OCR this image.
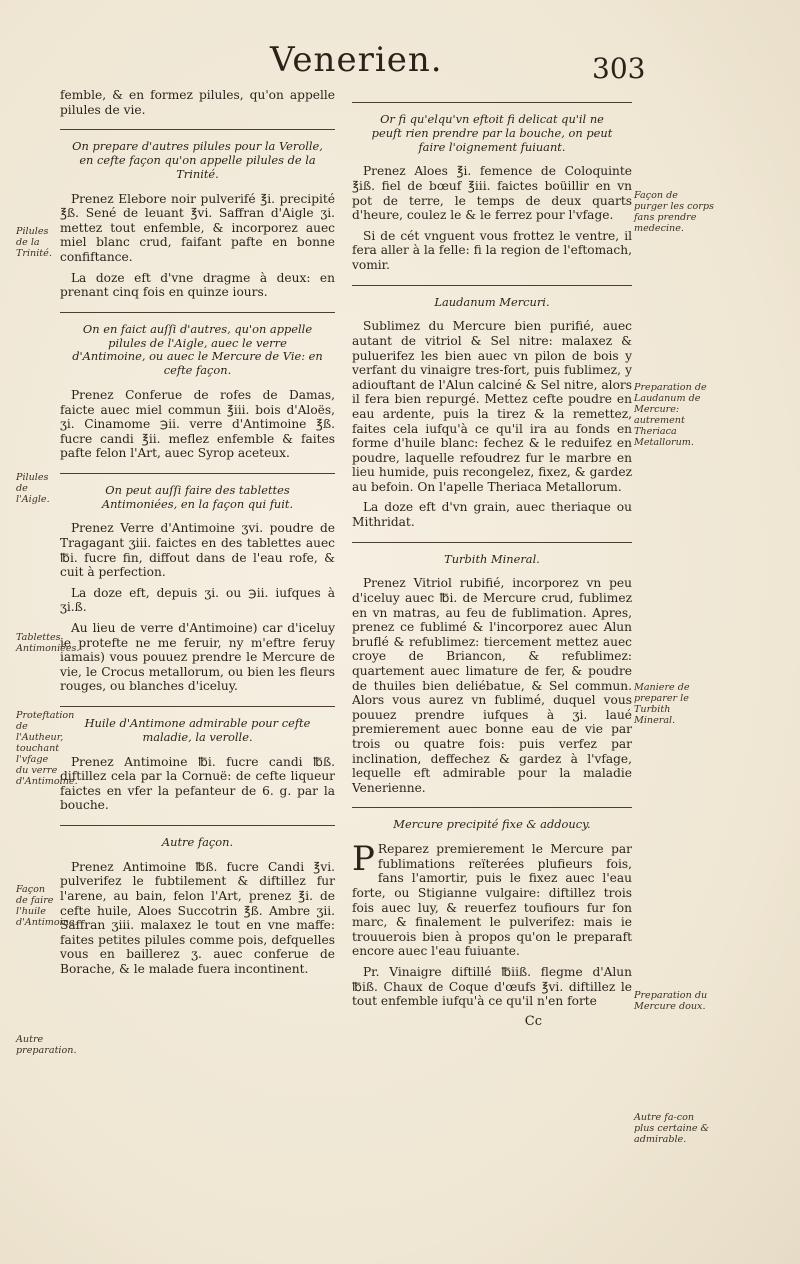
Venerien.	303

femble, & en formez pilules, qu'on appelle pilules de vie.

On prepare d'autres pilules pour la Verolle, en cefte façon qu'on appelle pilules de la Trinité.

Prenez Elebore noir pulverifé ℥i. precipité ℥ß. Sené de leuant ℥vi. Saffran d'Aigle ʒi. mettez tout enfemble, & incorporez auec miel blanc crud, faifant pafte en bonne confiftance.

La doze eft d'vne dragme à deux: en prenant cinq fois en quinze iours.

On en faict auſſi d'autres, qu'on appelle pilules de l'Aigle, auec le verre d'Antimoine, ou auec le Mercure de Vie: en cefte façon.

Prenez Conferue de rofes de Damas, faicte auec miel commun ℥iii. bois d'Aloës, ʒi. Cinamome ℈ii. verre d'Antimoine ℥ß. fucre candi ℥ii. meflez enfemble & faites pafte felon l'Art, auec Syrop aceteux.

On peut auſſi faire des tablettes Antimoniées, en la façon qui fuit.

Prenez Verre d'Antimoine ʒvi. poudre de Tragagant ʒiii. faictes en des tablettes auec ℔i. fucre fin, diffout dans de l'eau rofe, & cuit à perfection.

La doze eft, depuis ʒi. ou ℈ii. iufques à ʒi.ß.

Au lieu de verre d'Antimoine) car d'iceluy ie protefte ne me feruir, ny m'eftre feruy iamais) vous pouuez prendre le Mercure de vie, le Crocus metallorum, ou bien les fleurs rouges, ou blanches d'iceluy.

Huile d'Antimone admirable pour cefte maladie, la verolle.

Prenez Antimoine ℔i. fucre candi ℔ß. diftillez cela par la Cornuë: de cefte liqueur faictes en vfer la pefanteur de 6. g. par la bouche.

Autre façon.

Prenez Antimoine ℔ß. fucre Candi ℥vi. pulverifez le fubtilement & diftillez fur l'arene, au bain, felon l'Art, prenez ℥i. de cefte huile, Aloes Succotrin ℥ß. Ambre ʒii. Saffran ʒiii. malaxez le tout en vne maffe: faites petites pilules comme pois, defquelles vous en baillerez ʒ. auec conferue de Borache, & le malade fuera incontinent.

Pilules de la Trinité.
Pilules de l'Aigle.
Tablettes Antimoniées.
Proteftation de l'Autheur, touchant l'vfage du verre d'Antimoine.
Façon de faire l'huile d'Antimoine.
Autre preparation.
Or fi qu'elqu'vn eftoit fi delicat qu'il ne peuft rien prendre par la bouche, on peut faire l'oignement fuiuant.

Prenez Aloes ℥i. femence de Coloquinte ℥iß. fiel de bœuf ℥iii. faictes boüillir en vn pot de terre, le temps de deux quarts d'heure, coulez le & le ferrez pour l'vfage.

Si de cét vnguent vous frottez le ventre, il fera aller à la felle: fi la region de l'eftomach, vomir.

Laudanum Mercuri.

Sublimez du Mercure bien purifié, auec autant de vitriol & Sel nitre: malaxez & puluerifez les bien auec vn pilon de bois y verfant du vinaigre tres-fort, puis fublimez, y adiouftant de l'Alun calciné & Sel nitre, alors il fera bien repurgé. Mettez cefte poudre en eau ardente, puis la tirez & la remettez, faites cela iufqu'à ce qu'il ira au fonds en forme d'huile blanc: fechez & le reduifez en poudre, laquelle refoudrez fur le marbre en lieu humide, puis recongelez, fixez, & gardez au befoin. On l'apelle Theriaca Metallorum.

La doze eft d'vn grain, auec theriaque ou Mithridat.

Turbith Mineral.

Prenez Vitriol rubifié, incorporez vn peu d'iceluy auec ℔i. de Mercure crud, fublimez en vn matras, au feu de fublimation. Apres, prenez ce fublimé & l'incorporez auec Alun bruflé & refublimez: tiercement mettez auec croye de Briancon, & refublimez: quartement auec limature de fer, & poudre de thuiles bien deliébatue, & Sel commun. Alors vous aurez vn fublimé, duquel vous pouuez prendre iufques à ʒi. laué premierement auec bonne eau de vie par trois ou quatre fois: puis verfez par inclination, deffechez & gardez à l'vfage, lequelle eft admirable pour la maladie Venerienne.

Mercure precipité fixe & addoucy.

P Reparez premierement le Mercure par fublimations reïterées plufieurs fois, fans l'amortir, puis le fixez auec l'eau forte, ou Stigianne vulgaire: diftillez trois fois auec luy, & reuerfez toufiours fur fon marc, & finalement le pulverifez: mais ie trouuerois bien à propos qu'on le preparaft encore auec l'eau fuiuante.

Pr. Vinaigre diftillé ℔iiß. flegme d'Alun ℔iß. Chaux de Coque d'œufs ℥vi. diftillez le tout enfemble iufqu'à ce qu'il n'en forte

Cc
Façon de purger les corps fans prendre medecine.
Preparation de Laudanum de Mercure: autrement Theriaca Metallorum.
Maniere de preparer le Turbith Mineral.
Preparation du Mercure doux.
Autre fa-con plus certaine & admirable.
